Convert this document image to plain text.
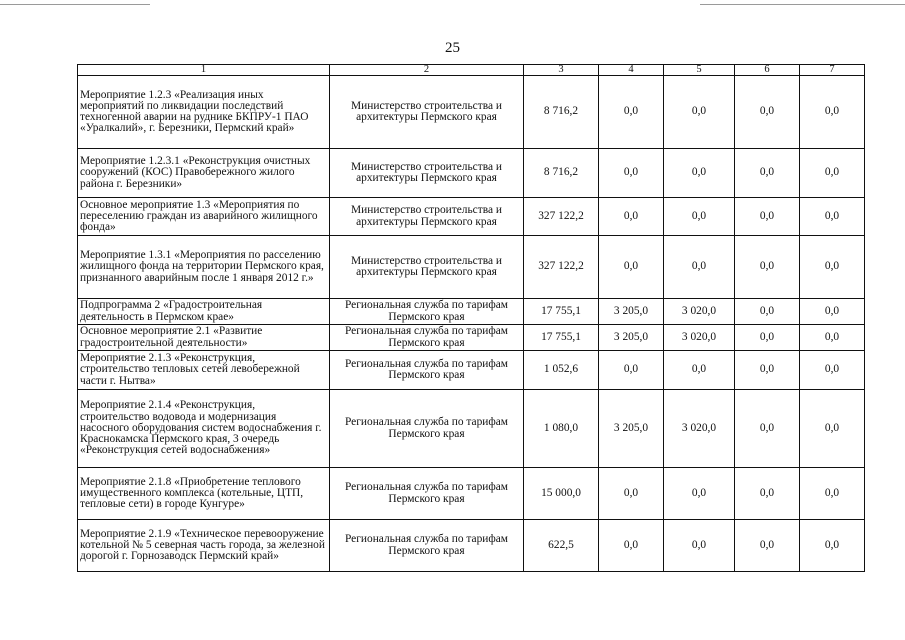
25
1	2	3	4	5	6	7
Мероприятие 1.2.3 «Реализация иных мероприятий по ликвидации последствий техногенной аварии на руднике БКПРУ-1 ПАО «Уралкалий», г. Березники, Пермский край»	Министерство строительства и архитектуры Пермского края	8 716,2	0,0	0,0	0,0	0,0
Мероприятие 1.2.3.1 «Реконструкция очистных сооружений (КОС) Правобережного жилого района г. Березники»	Министерство строительства и архитектуры Пермского края	8 716,2	0,0	0,0	0,0	0,0
Основное мероприятие 1.3 «Мероприятия по переселению граждан из аварийного жилищного фонда»	Министерство строительства и архитектуры Пермского края	327 122,2	0,0	0,0	0,0	0,0
Мероприятие 1.3.1 «Мероприятия по расселению жилищного фонда на территории Пермского края, признанного аварийным после 1 января 2012 г.»	Министерство строительства и архитектуры Пермского края	327 122,2	0,0	0,0	0,0	0,0
Подпрограмма 2 «Градостроительная деятельность в Пермском крае»	Региональная служба по тарифам Пермского края	17 755,1	3 205,0	3 020,0	0,0	0,0
Основное мероприятие 2.1 «Развитие градостроительной деятельности»	Региональная служба по тарифам Пермского края	17 755,1	3 205,0	3 020,0	0,0	0,0
Мероприятие 2.1.3 «Реконструкция, строительство тепловых сетей левобережной части г. Нытва»	Региональная служба по тарифам Пермского края	1 052,6	0,0	0,0	0,0	0,0
Мероприятие 2.1.4 «Реконструкция, строительство водовода и модернизация насосного оборудования систем водоснабжения г. Краснокамска Пермского края, 3 очередь «Реконструкция сетей водоснабжения»	Региональная служба по тарифам Пермского края	1 080,0	3 205,0	3 020,0	0,0	0,0
Мероприятие 2.1.8 «Приобретение теплового имущественного комплекса (котельные, ЦТП, тепловые сети) в городе Кунгуре»	Региональная служба по тарифам Пермского края	15 000,0	0,0	0,0	0,0	0,0
Мероприятие 2.1.9 «Техническое перевооружение котельной № 5 северная часть города, за железной дорогой г. Горнозаводск Пермский край»	Региональная служба по тарифам Пермского края	622,5	0,0	0,0	0,0	0,0
